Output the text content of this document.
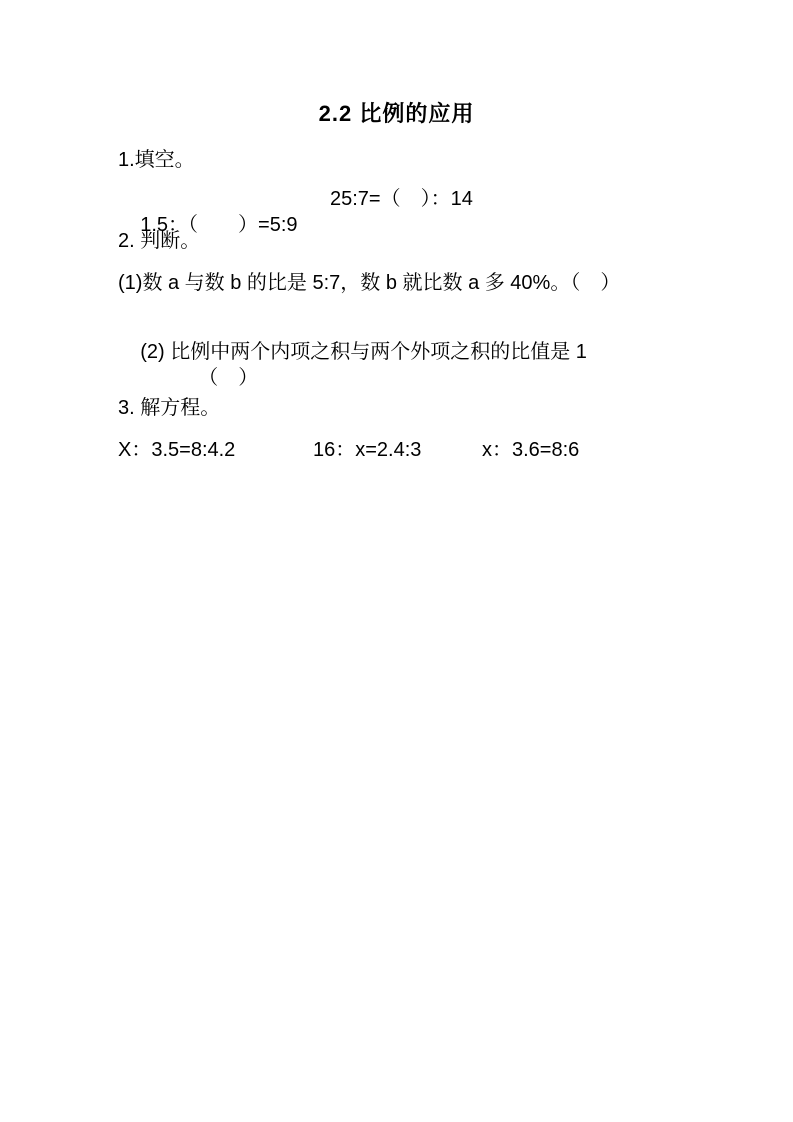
2.2 比例的应用
1.填空。

1.5：（　　）=5:9

25:7=（　）：14

2. 判断。
(1)数 a 与数 b 的比是 5:7，数 b 就比数 a 多 40%。（　）

(2) 比例中两个内项之积与两个外项之积的比值是 1
（　）

3. 解方程。

X：3.5=8:4.2

	16：x=2.4:3

	x：3.6=8:6
